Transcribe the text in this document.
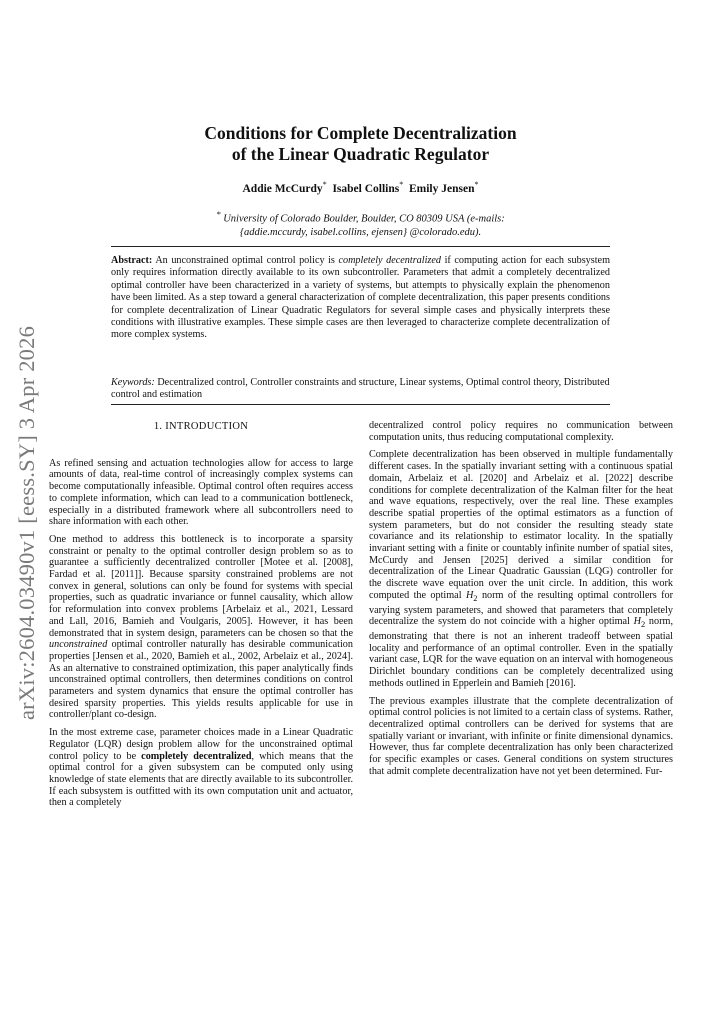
arXiv:2604.03490v1 [eess.SY] 3 Apr 2026
Conditions for Complete Decentralization
of the Linear Quadratic Regulator
Addie McCurdy* Isabel Collins* Emily Jensen*
* University of Colorado Boulder, Boulder, CO 80309 USA (e-mails:
{addie.mccurdy, isabel.collins, ejensen} @colorado.edu).
Abstract: An unconstrained optimal control policy is completely decentralized if computing action for each subsystem only requires information directly available to its own subcontroller. Parameters that admit a completely decentralized optimal controller have been characterized in a variety of systems, but attempts to physically explain the phenomenon have been limited. As a step toward a general characterization of complete decentralization, this paper presents conditions for complete decentralization of Linear Quadratic Regulators for several simple cases and physically interprets these conditions with illustrative examples. These simple cases are then leveraged to characterize complete decentralization of more complex systems.
Keywords: Decentralized control, Controller constraints and structure, Linear systems, Optimal control theory, Distributed control and estimation
1. INTRODUCTION

As refined sensing and actuation technologies allow for access to large amounts of data, real-time control of increasingly complex systems can become computationally infeasible. Optimal control often requires access to complete information, which can lead to a communication bottleneck, especially in a distributed framework where all subcontrollers need to share information with each other.

One method to address this bottleneck is to incorporate a sparsity constraint or penalty to the optimal controller design problem so as to guarantee a sufficiently decentralized controller [Motee et al. [2008], Fardad et al. [2011]]. Because sparsity constrained problems are not convex in general, solutions can only be found for systems with special properties, such as quadratic invariance or funnel causality, which allow for reformulation into convex problems [Arbelaiz et al., 2021, Lessard and Lall, 2016, Bamieh and Voulgaris, 2005]. However, it has been demonstrated that in system design, parameters can be chosen so that the unconstrained optimal controller naturally has desirable communication properties [Jensen et al., 2020, Bamieh et al., 2002, Arbelaiz et al., 2024]. As an alternative to constrained optimization, this paper analytically finds unconstrained optimal controllers, then determines conditions on control parameters and system dynamics that ensure the optimal controller has desired sparsity properties. This yields results applicable for use in controller/plant co-design.

In the most extreme case, parameter choices made in a Linear Quadratic Regulator (LQR) design problem allow for the unconstrained optimal control policy to be completely decentralized, which means that the optimal control for a given subsystem can be computed only using knowledge of state elements that are directly available to its subcontroller. If each subsystem is outfitted with its own computation unit and actuator, then a completely

decentralized control policy requires no communication between computation units, thus reducing computational complexity.

Complete decentralization has been observed in multiple fundamentally different cases. In the spatially invariant setting with a continuous spatial domain, Arbelaiz et al. [2020] and Arbelaiz et al. [2022] describe conditions for complete decentralization of the Kalman filter for the heat and wave equations, respectively, over the real line. These examples describe spatial properties of the optimal estimators as a function of system parameters, but do not consider the resulting steady state covariance and its relationship to estimator locality. In the spatially invariant setting with a finite or countably infinite number of spatial sites, McCurdy and Jensen [2025] derived a similar condition for decentralization of the Linear Quadratic Gaussian (LQG) controller for the discrete wave equation over the unit circle. In addition, this work computed the optimal $H_2$ norm of the resulting optimal controllers for varying system parameters, and showed that parameters that completely decentralize the system do not coincide with a higher optimal $H_2$ norm, demonstrating that there is not an inherent tradeoff between spatial locality and performance of an optimal controller. Even in the spatially variant case, LQR for the wave equation on an interval with homogeneous Dirichlet boundary conditions can be completely decentralized using methods outlined in Epperlein and Bamieh [2016].

The previous examples illustrate that the complete decentralization of optimal control policies is not limited to a certain class of systems. Rather, decentralized optimal controllers can be derived for systems that are spatially variant or invariant, with infinite or finite dimensional dynamics. However, thus far complete decentralization has only been characterized for specific examples or cases. General conditions on system structures that admit complete decentralization have not yet been determined. Fur-
